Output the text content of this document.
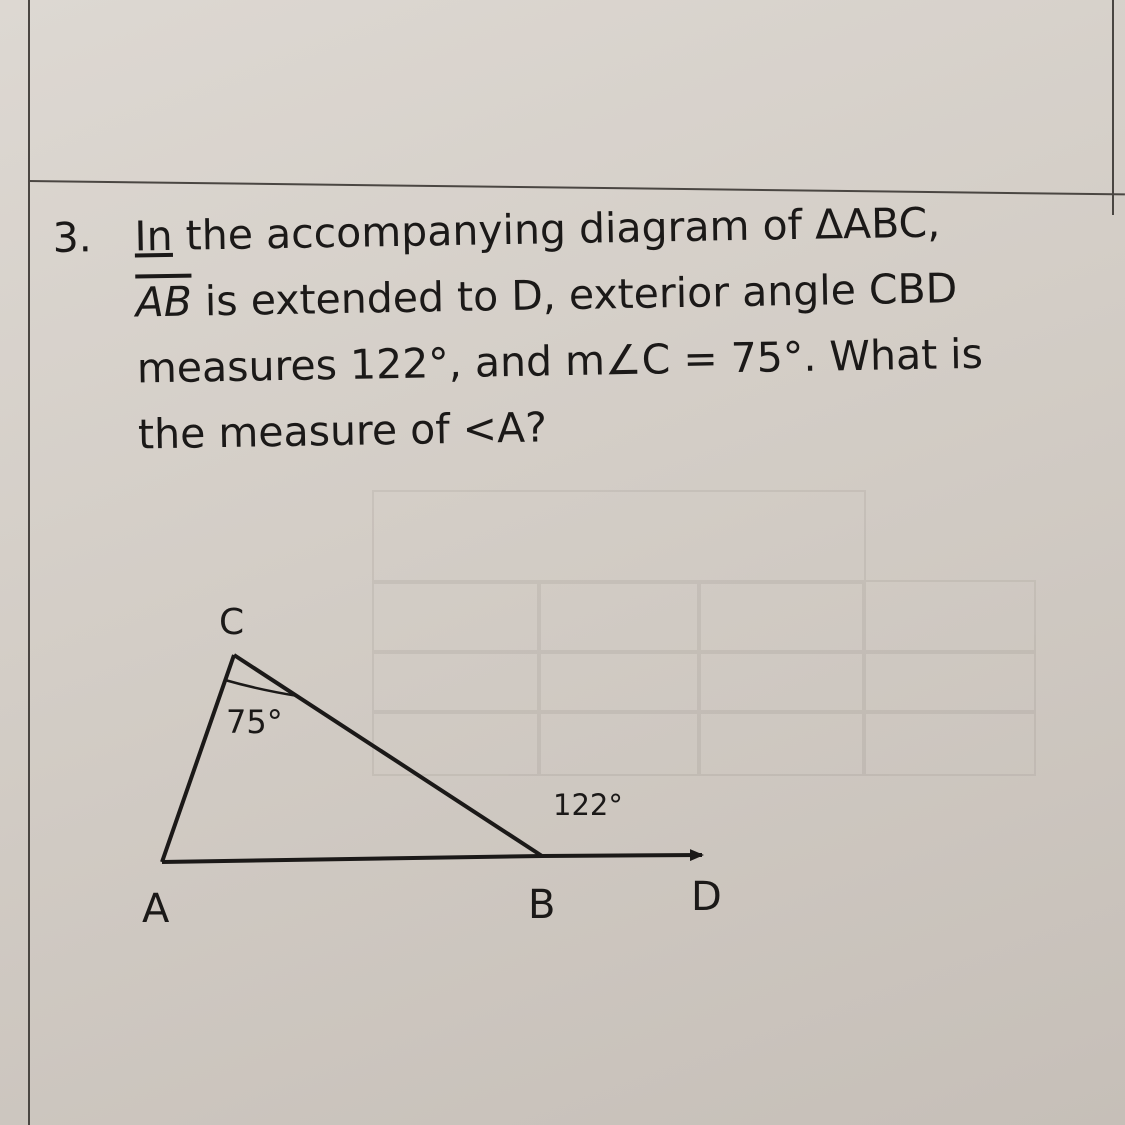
3. In the accompanying diagram of ΔABC,
$\overline{AB}$ is extended to D, exterior angle CBD
measures 122°, and m∠C = 75°. What is
the measure of <A?
C
75°
122°
A	B	D
